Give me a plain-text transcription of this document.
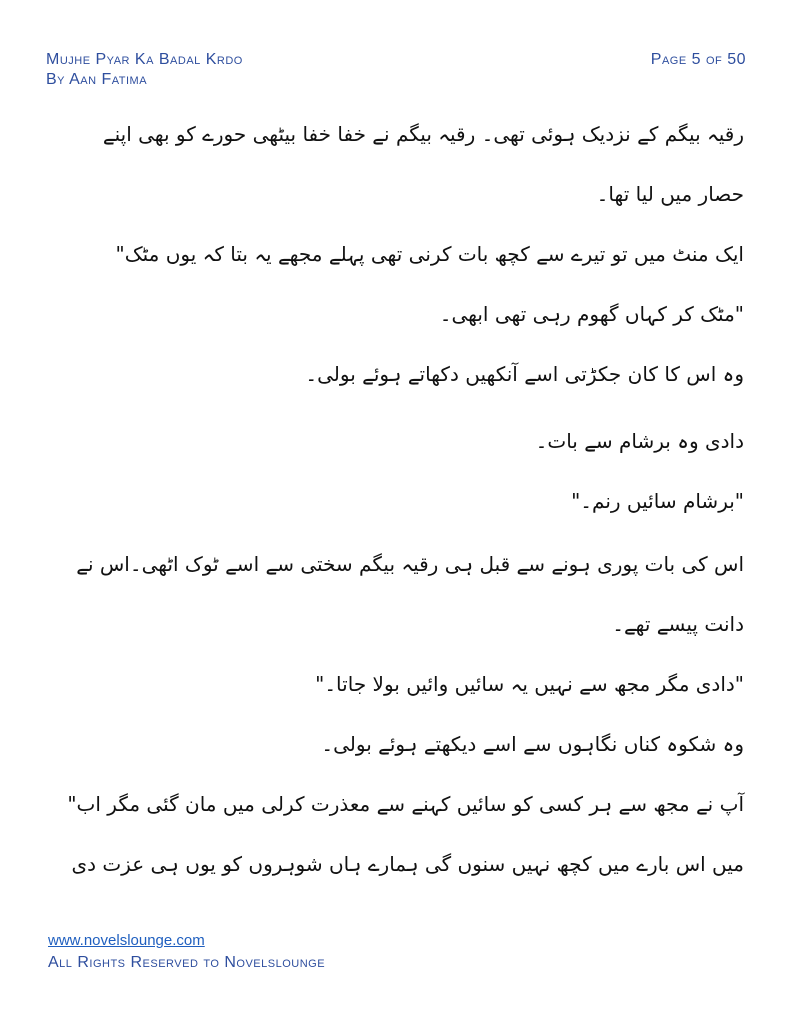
Mujhe Pyar Ka Badal Krdo
By Aan Fatima
Page 5 of 50
رقیہ بیگم کے نزدیک ہوئی تھی۔ رقیہ بیگم نے خفا خفا بیٹھی حورے کو بھی اپنے
حصار میں لیا تھا۔
ایک منٹ میں تو تیرے سے کچھ بات کرنی تھی پہلے مجھے یہ بتا کہ یوں مٹک"
"مٹک کر کہاں گھوم رہی تھی ابھی۔
وہ اس کا کان جکڑتی اسے آنکھیں دکھاتے ہوئے بولی۔
دادی وہ برشام سے بات۔
"برشام سائیں رنم۔"
اس کی بات پوری ہونے سے قبل ہی رقیہ بیگم سختی سے اسے ٹوک اٹھی۔اس نے
دانت پیسے تھے۔
"دادی مگر مجھ سے نہیں یہ سائیں وائیں بولا جاتا۔"
وہ شکوہ کناں نگاہوں سے اسے دیکھتے ہوئے بولی۔
آپ نے مجھ سے ہر کسی کو سائیں کہنے سے معذرت کرلی میں مان گئی مگر اب"
میں اس بارے میں کچھ نہیں سنوں گی ہمارے ہاں شوہروں کو یوں ہی عزت دی
www.novelslounge.com
All Rights Reserved to Novelslounge
